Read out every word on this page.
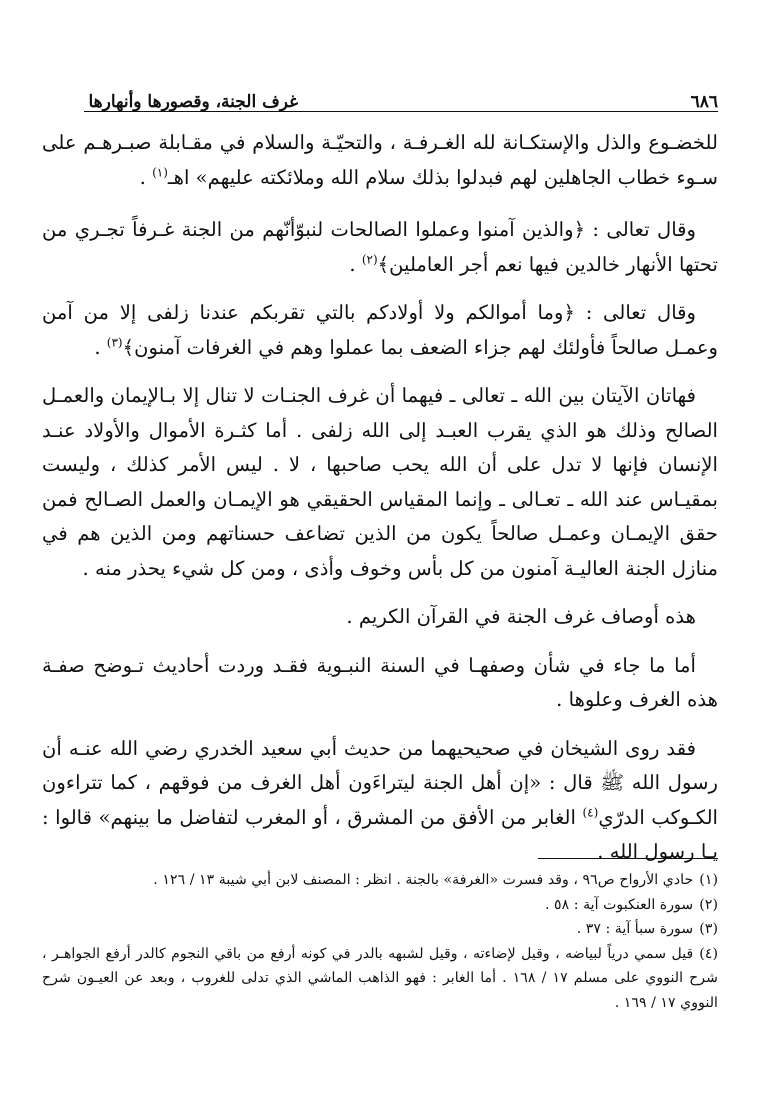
٦٨٦
غرف الجنة، وقصورها وأنهارها

للخضـوع والذل والإستكـانة لله الغـرفـة ، والتحيّـة والسلام في مقـابلة صبـرهـم على سـوء خطاب الجاهلين لهم فبدلوا بذلك سلام الله وملائكته عليهم» اهـ$^{(١)}$ .

وقال تعالى : ﴿والذين آمنوا وعملوا الصالحات لنبوّأنّهم من الجنة غـرفاً تجـري من تحتها الأنهار خالدين فيها نعم أجر العاملين﴾$^{(٢)}$ .

وقال تعالى : ﴿وما أموالكم ولا أولادكم بالتي تقربكم عندنا زلفى إلا من آمن وعمـل صالحاً فأولئك لهم جزاء الضعف بما عملوا وهم في الغرفات آمنون﴾$^{(٣)}$ .

فهاتان الآيتان بين الله ـ تعالى ـ فيهما أن غرف الجنـات لا تنال إلا بـالإيمان والعمـل الصالح وذلك هو الذي يقرب العبـد إلى الله زلفى . أما كثـرة الأموال والأولاد عنـد الإنسان فإنها لا تدل على أن الله يحب صاحبها ، لا . ليس الأمر كذلك ، وليست بمقيـاس عند الله ـ تعـالى ـ وإنما المقياس الحقيقي هو الإيمـان والعمل الصـالح فمن حقق الإيمـان وعمـل صالحاً يكون من الذين تضاعف حسناتهم ومن الذين هم في منازل الجنة العاليـة آمنون من كل بأس وخوف وأذى ، ومن كل شيء يحذر منه .

هذه أوصاف غرف الجنة في القرآن الكريم .

أما ما جاء في شأن وصفهـا في السنة النبـوية فقـد وردت أحاديث تـوضح صفـة هذه الغرف وعلوها .

فقد روى الشيخان في صحيحيهما من حديث أبي سعيد الخدري رضي الله عنـه أن رسول الله ﷺ قال : «إن أهل الجنة ليتراءَون أهل الغرف من فوقهم ، كما تتراءون الكـوكب الدرّي$^{(٤)}$ الغابر من الأفق من المشرق ، أو المغرب لتفاضل ما بينهم» قالوا : يـا رسول الله .

(١)حادي الأرواح ص٩٦ ، وقد فسرت «الغرفة» بالجنة . انظر : المصنف لابن أبي شيبة ١٣ / ١٢٦ .

(٢)سورة العنكبوت آية : ٥٨ .

(٣)سورة سبأ آية : ٣٧ .

(٤)قيل سمي درياً لبياضه ، وقيل لإضاءته ، وقيل لشبهه بالدر في كونه أرفع من باقي النجوم كالدر أرفع الجواهـر ، شرح النووي على مسلم ١٧ / ١٦٨ . أما الغابر : فهو الذاهب الماشي الذي تدلى للغروب ، وبعد عن العيـون شرح النووي ١٧ / ١٦٩ .
